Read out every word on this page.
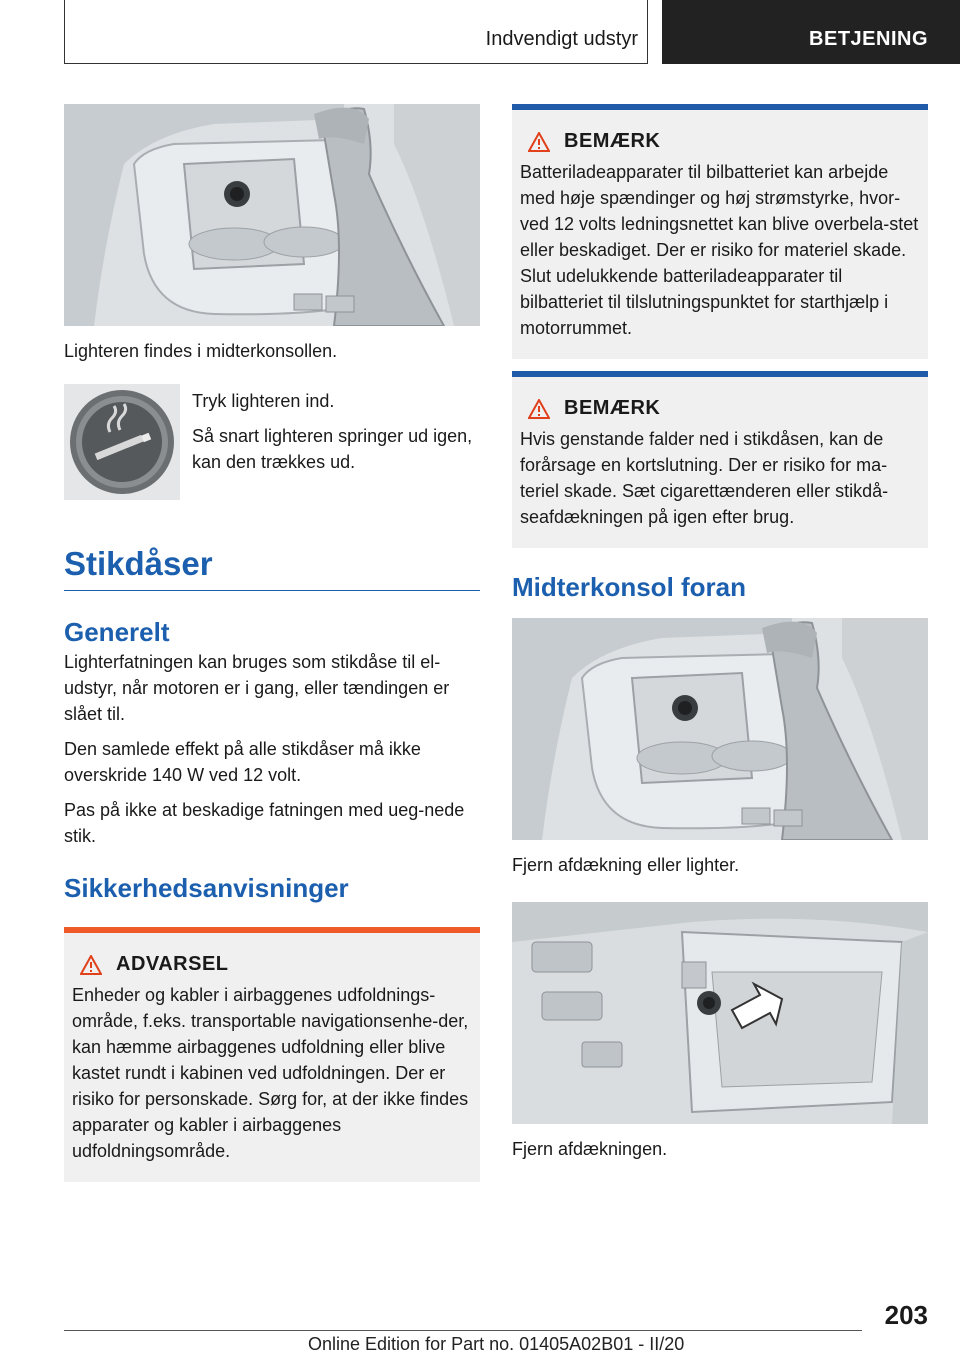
Indvendigt udstyr	BETJENING

Lighteren findes i midterkonsollen.

Tryk lighteren ind.

Så snart lighteren springer ud igen, kan den trækkes ud.

Stikdåser
Generelt

Lighterfatningen kan bruges som stikdåse til el-udstyr, når motoren er i gang, eller tændingen er slået til.

Den samlede effekt på alle stikdåser må ikke overskride 140 W ved 12 volt.

Pas på ikke at beskadige fatningen med ueg-nede stik.

Sikkerhedsanvisninger
ADVARSEL

Enheder og kabler i airbaggenes udfoldnings-område, f.eks. transportable navigationsenhe-der, kan hæmme airbaggenes udfoldning eller blive kastet rundt i kabinen ved udfoldningen. Der er risiko for personskade. Sørg for, at der ikke findes apparater og kabler i airbaggenes udfoldningsområde.

BEMÆRK

Batteriladeapparater til bilbatteriet kan arbejde med høje spændinger og høj strømstyrke, hvor-ved 12 volts ledningsnettet kan blive overbela-stet eller beskadiget. Der er risiko for materiel skade. Slut udelukkende batteriladeapparater til bilbatteriet til tilslutningspunktet for starthjælp i motorrummet.

BEMÆRK

Hvis genstande falder ned i stikdåsen, kan de forårsage en kortslutning. Der er risiko for ma-teriel skade. Sæt cigarettænderen eller stikdå-seafdækningen på igen efter brug.

Midterkonsol foran

Fjern afdækning eller lighter.

Fjern afdækningen.

203
Online Edition for Part no. 01405A02B01 - II/20
